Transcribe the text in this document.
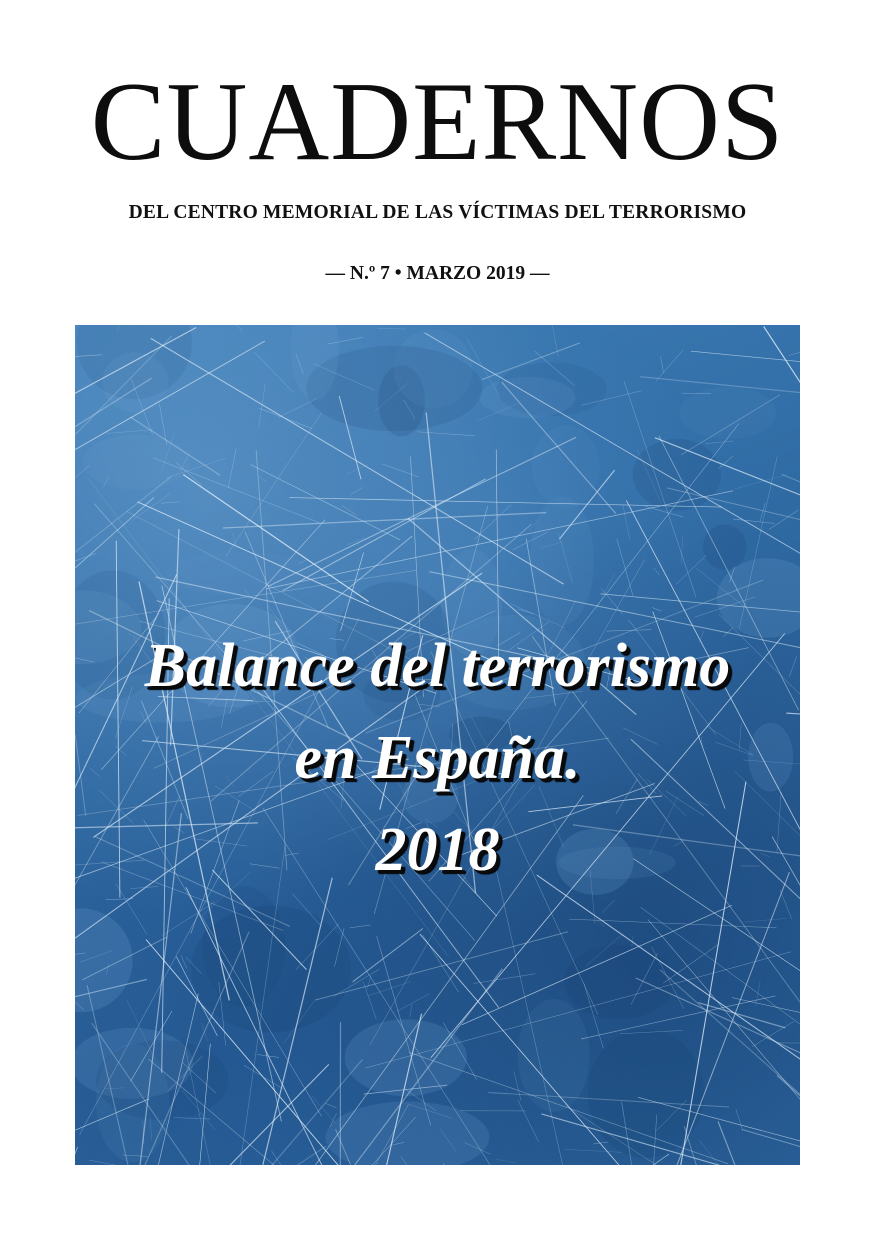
CUADERNOS
DEL CENTRO MEMORIAL DE LAS VÍCTIMAS DEL TERRORISMO
— N.º 7 • MARZO 2019 —
Balance del terrorismo
en España.
2018
